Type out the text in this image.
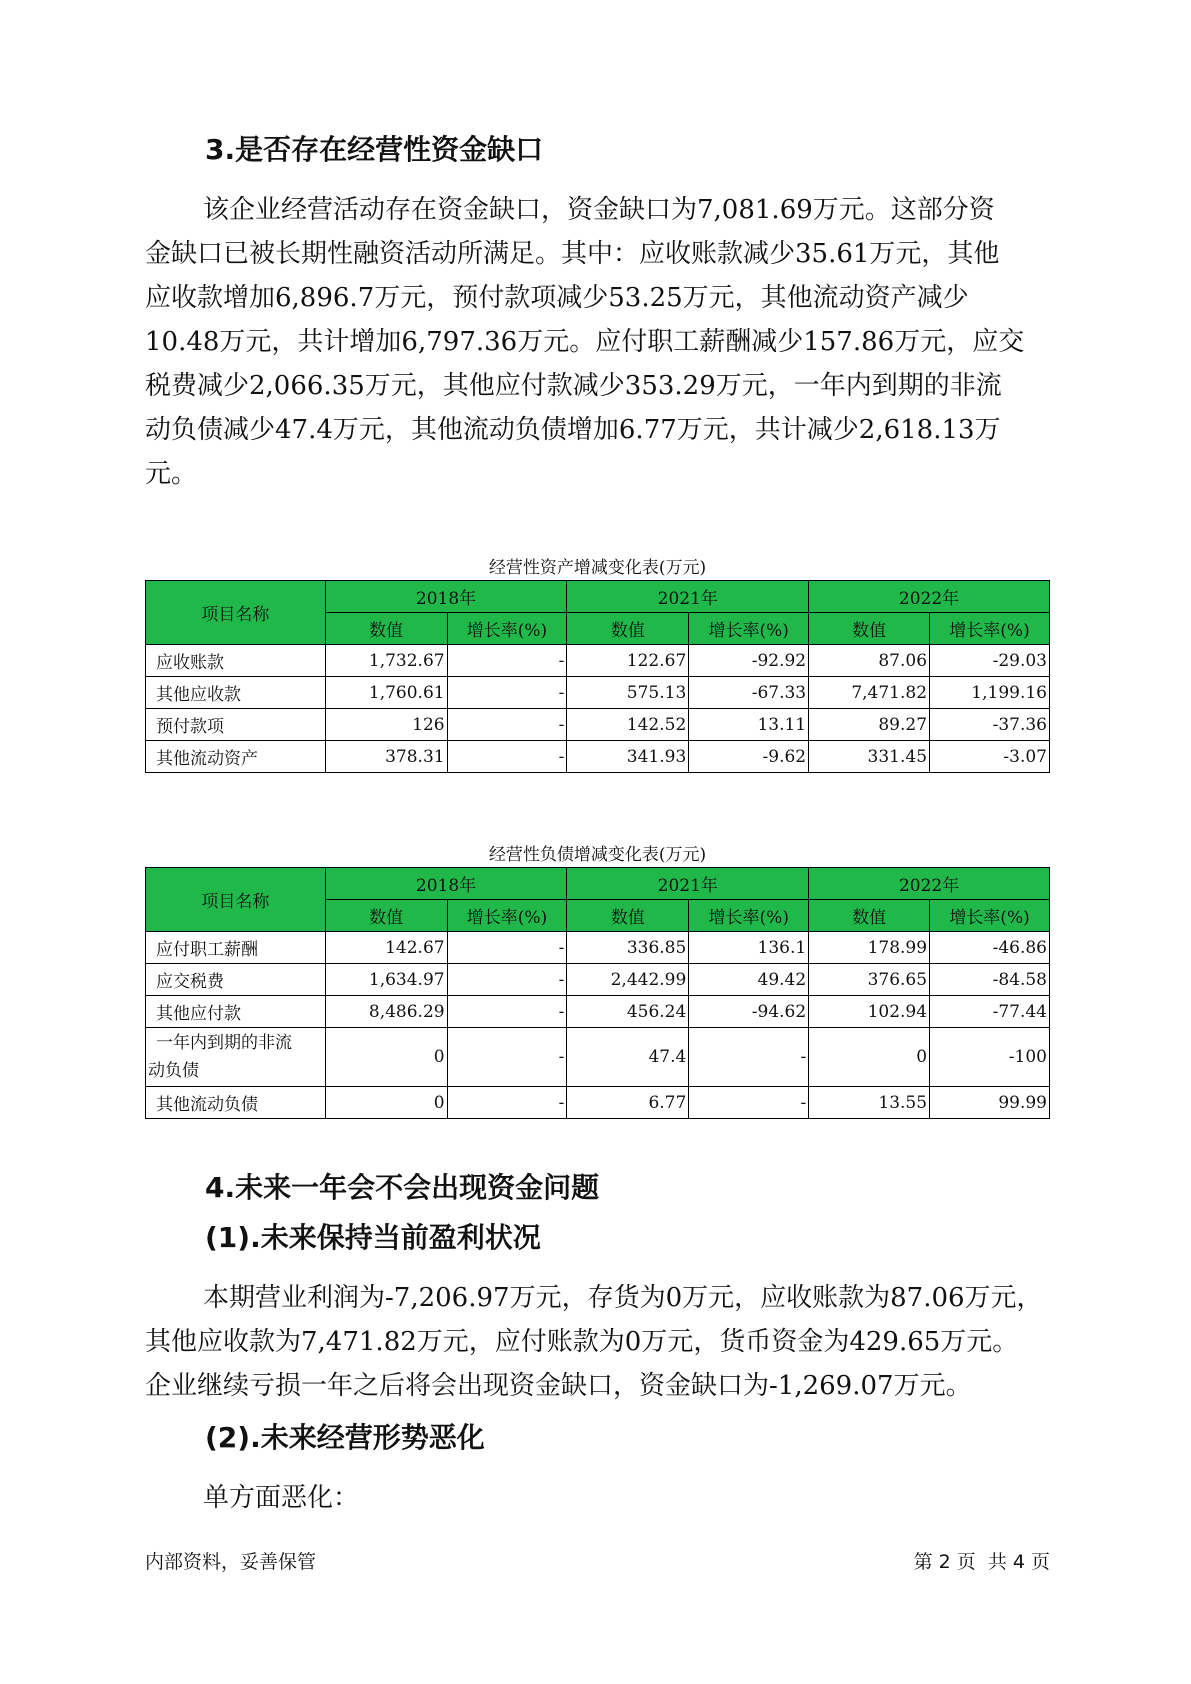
3.是否存在经营性资金缺口

该企业经营活动存在资金缺口，资金缺口为7,081.69万元。这部分资
金缺口已被长期性融资活动所满足。其中：应收账款减少35.61万元，其他
应收款增加6,896.7万元，预付款项减少53.25万元，其他流动资产减少
10.48万元，共计增加6,797.36万元。应付职工薪酬减少157.86万元，应交
税费减少2,066.35万元，其他应付款减少353.29万元，一年内到期的非流
动负债减少47.4万元，其他流动负债增加6.77万元，共计减少2,618.13万
元。

经营性资产增减变化表(万元)

项目名称	2018年		2021年		2022年	
	数值	增长率(%)	数值	增长率(%)	数值	增长率(%)
应收账款	1,732.67	-	122.67	-92.92	87.06	-29.03
其他应收款	1,760.61	-	575.13	-67.33	7,471.82	1,199.16
预付款项	126	-	142.52	13.11	89.27	-37.36
其他流动资产	378.31	-	341.93	-9.62	331.45	-3.07

经营性负债增减变化表(万元)

项目名称	2018年		2021年		2022年	
	数值	增长率(%)	数值	增长率(%)	数值	增长率(%)
应付职工薪酬	142.67	-	336.85	136.1	178.99	-46.86
应交税费	1,634.97	-	2,442.99	49.42	376.65	-84.58
其他应付款	8,486.29	-	456.24	-94.62	102.94	-77.44

一年内到期的非流
动负债	0	-	47.4	-	0	-100
其他流动负债	0	-	6.77	-	13.55	99.99
4.未来一年会不会出现资金问题
(1).未来保持当前盈利状况

本期营业利润为-7,206.97万元，存货为0万元，应收账款为87.06万元，
其他应收款为7,471.82万元，应付账款为0万元，货币资金为429.65万元。
企业继续亏损一年之后将会出现资金缺口，资金缺口为-1,269.07万元。

(2).未来经营形势恶化

单方面恶化：

内部资料，妥善保管	第 2 页  共 4 页
